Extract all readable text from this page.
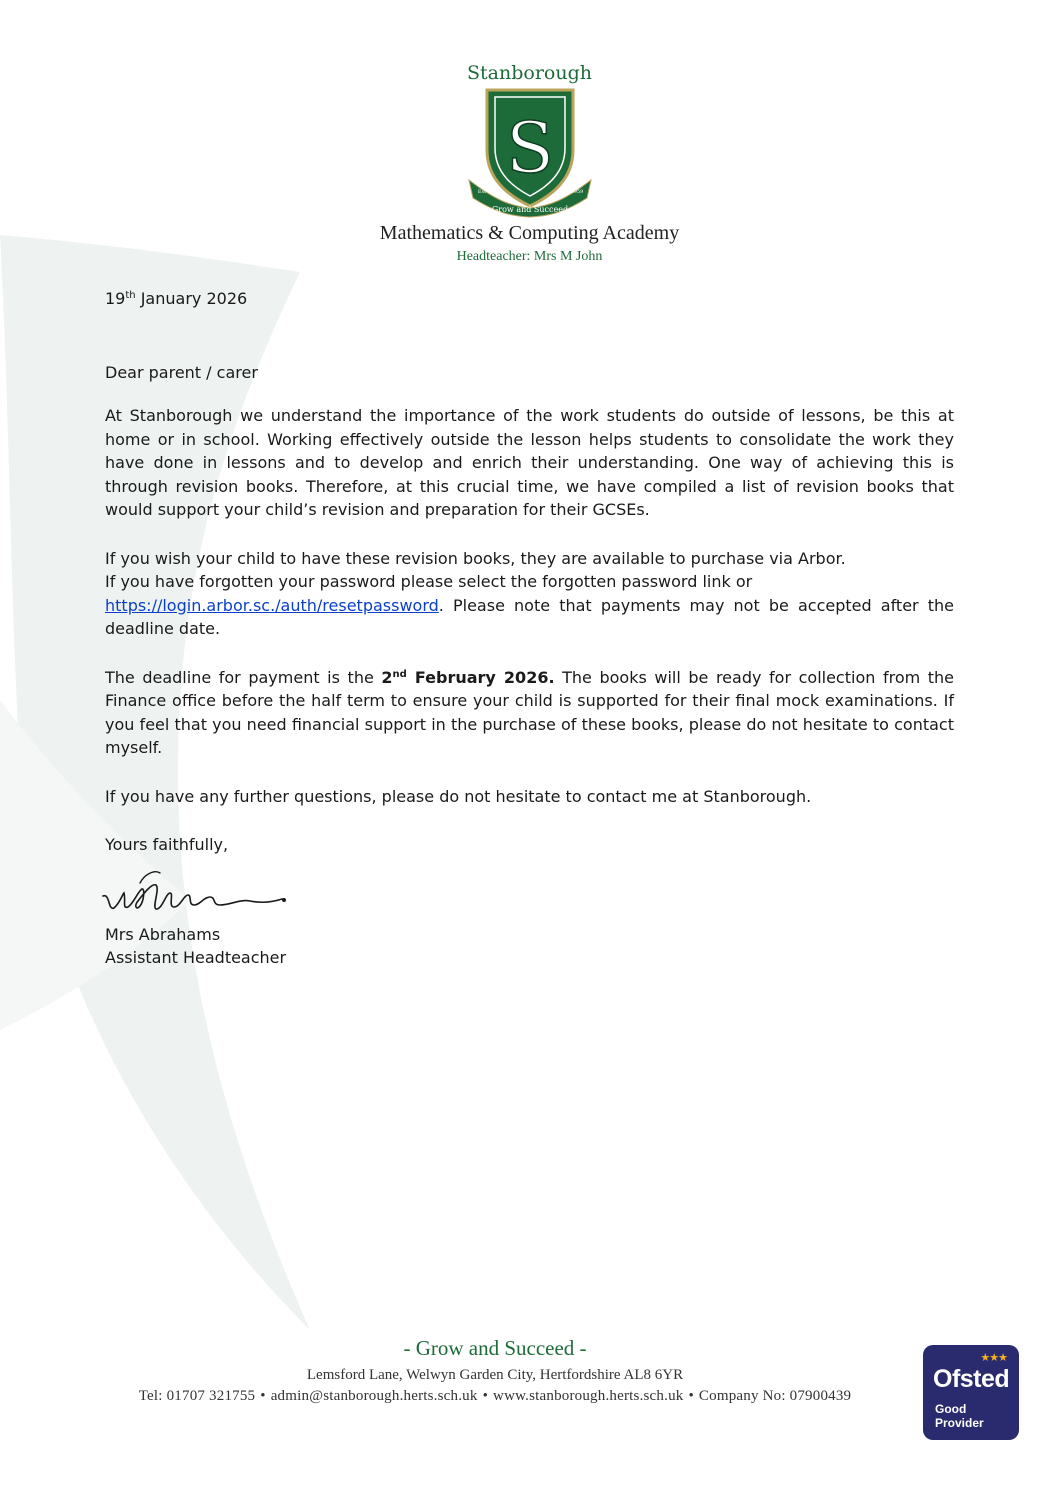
Stanborough
S
Grow and Succeed
Est	1959
Mathematics & Computing Academy
Headteacher: Mrs M John

19th January 2026

Dear parent / carer

At Stanborough we understand the importance of the work students do outside of lessons, be this at home or in school. Working effectively outside the lesson helps students to consolidate the work they have done in lessons and to develop and enrich their understanding. One way of achieving this is through revision books. Therefore, at this crucial time, we have compiled a list of revision books that would support your child’s revision and preparation for their GCSEs.

If you wish your child to have these revision books, they are available to purchase via Arbor.
If you have forgotten your password please select the forgotten password link or
https://login.arbor.sc./auth/resetpassword. Please note that payments may not be accepted after the deadline date.

The deadline for payment is the 2nd February 2026. The books will be ready for collection from the Finance office before the half term to ensure your child is supported for their final mock examinations. If you feel that you need financial support in the purchase of these books, please do not hesitate to contact myself.

If you have any further questions, please do not hesitate to contact me at Stanborough.

Yours faithfully,

Mrs Abrahams

Assistant Headteacher

- Grow and Succeed -
Lemsford Lane, Welwyn Garden City, Hertfordshire AL8 6YR
Tel: 01707 321755 • admin@stanborough.herts.sch.uk • www.stanborough.herts.sch.uk • Company No: 07900439
★★★
Ofsted
Good
Provider
